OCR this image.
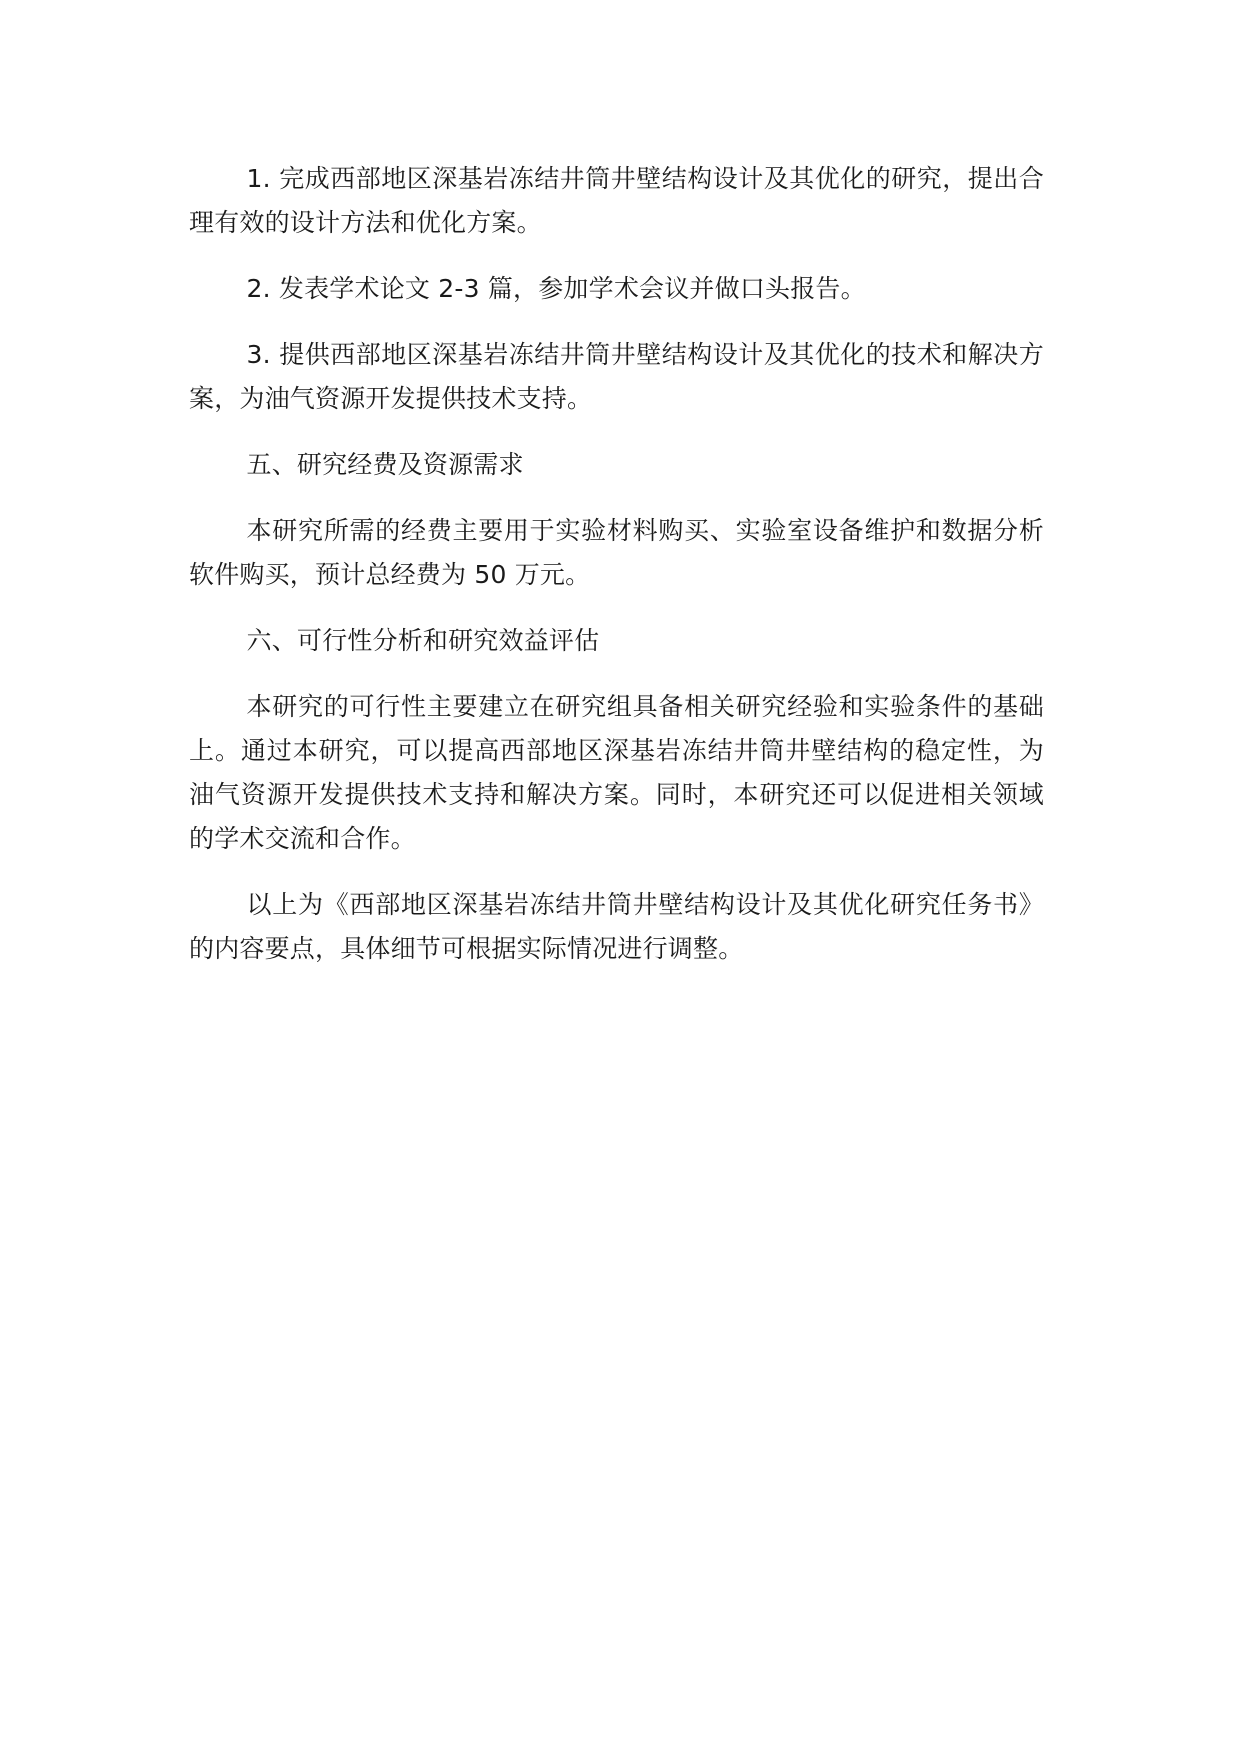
1. 完成西部地区深基岩冻结井筒井壁结构设计及其优化的研究，提出合理有效的设计方法和优化方案。

2. 发表学术论文 2-3 篇，参加学术会议并做口头报告。

3. 提供西部地区深基岩冻结井筒井壁结构设计及其优化的技术和解决方案，为油气资源开发提供技术支持。

五、研究经费及资源需求

本研究所需的经费主要用于实验材料购买、实验室设备维护和数据分析软件购买，预计总经费为 50 万元。

六、可行性分析和研究效益评估

本研究的可行性主要建立在研究组具备相关研究经验和实验条件的基础上。通过本研究，可以提高西部地区深基岩冻结井筒井壁结构的稳定性，为油气资源开发提供技术支持和解决方案。同时，本研究还可以促进相关领域的学术交流和合作。

以上为《西部地区深基岩冻结井筒井壁结构设计及其优化研究任务书》的内容要点，具体细节可根据实际情况进行调整。
